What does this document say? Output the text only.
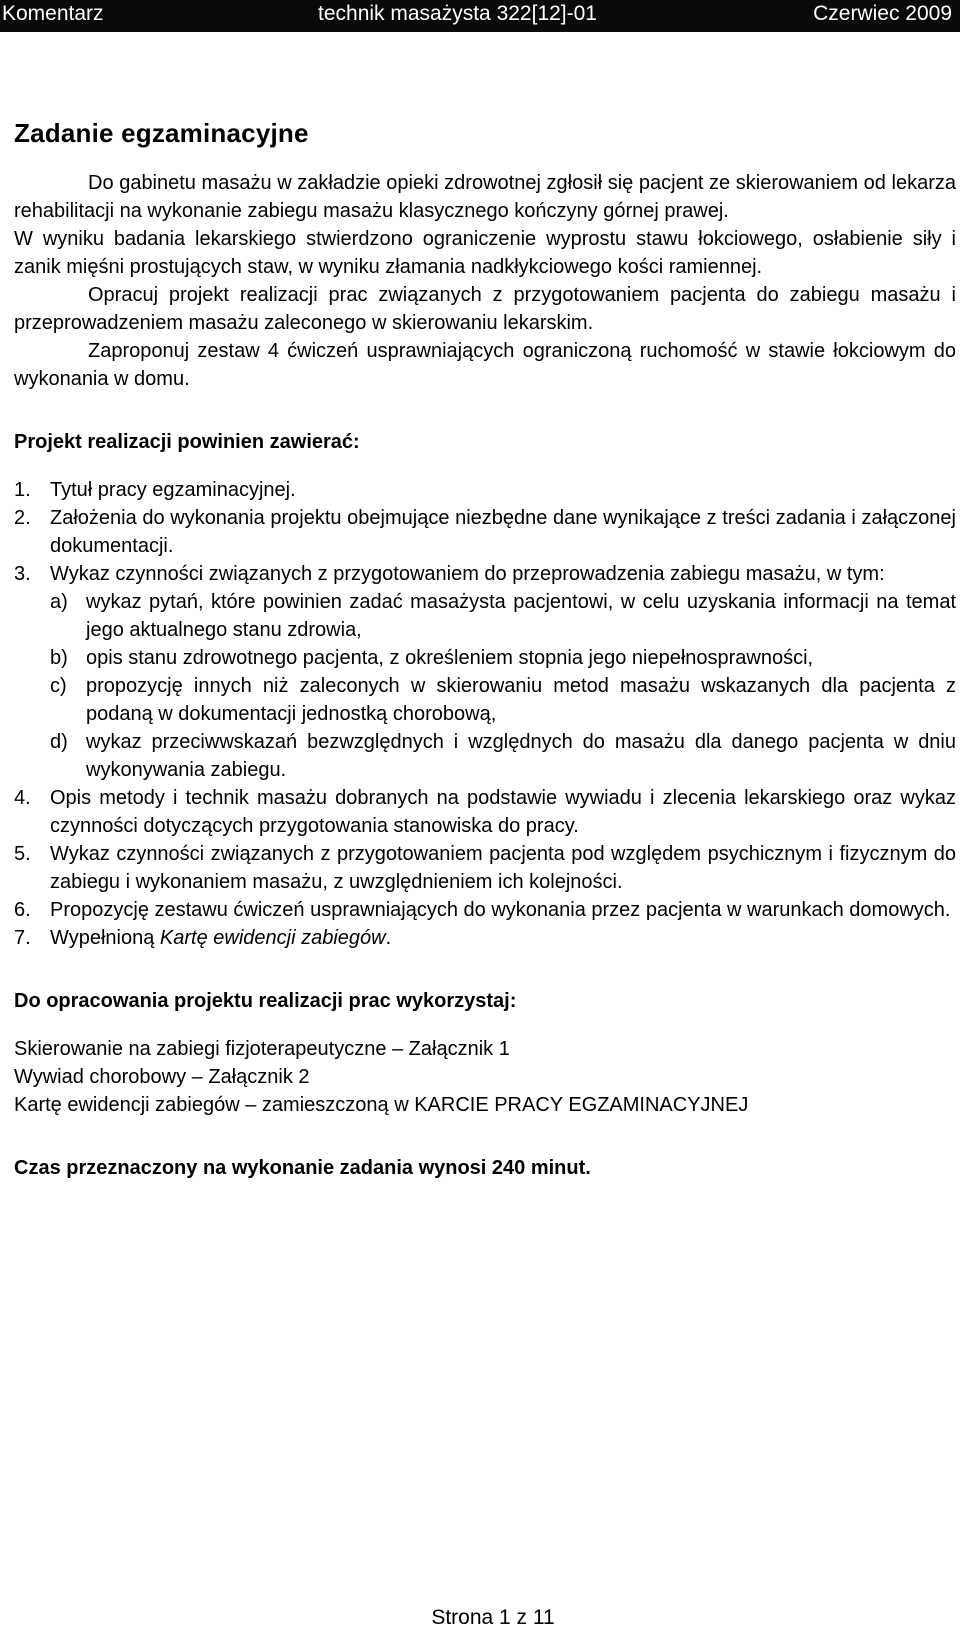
Komentarz	technik masażysta 322[12]-01	Czerwiec 2009
Zadanie egzaminacyjne

Do gabinetu masażu w zakładzie opieki zdrowotnej zgłosił się pacjent ze skierowaniem od lekarza rehabilitacji na wykonanie zabiegu masażu klasycznego kończyny górnej prawej.

W wyniku badania lekarskiego stwierdzono ograniczenie wyprostu stawu łokciowego, osłabienie siły i zanik mięśni prostujących staw, w wyniku złamania nadkłykciowego kości ramiennej.

Opracuj projekt realizacji prac związanych z przygotowaniem pacjenta do zabiegu masażu i przeprowadzeniem masażu zaleconego w skierowaniu lekarskim.

Zaproponuj zestaw 4 ćwiczeń usprawniających ograniczoną ruchomość w stawie łokciowym do wykonania w domu.

Projekt realizacji powinien zawierać:
1. Tytuł pracy egzaminacyjnej.
2. Założenia do wykonania projektu obejmujące niezbędne dane wynikające z treści zadania i załączonej dokumentacji.
3. Wykaz czynności związanych z przygotowaniem do przeprowadzenia zabiegu masażu, w tym:
a) wykaz pytań, które powinien zadać masażysta pacjentowi, w celu uzyskania informacji na temat jego aktualnego stanu zdrowia,
b) opis stanu zdrowotnego pacjenta, z określeniem stopnia jego niepełnosprawności,
c) propozycję innych niż zaleconych w skierowaniu metod masażu wskazanych dla pacjenta z podaną w dokumentacji jednostką chorobową,
d) wykaz przeciwwskazań bezwzględnych i względnych do masażu dla danego pacjenta w dniu wykonywania zabiegu.
4. Opis metody i technik masażu dobranych na podstawie wywiadu i zlecenia lekarskiego oraz wykaz czynności dotyczących przygotowania stanowiska do pracy.
5. Wykaz czynności związanych z przygotowaniem pacjenta pod względem psychicznym i fizycznym do zabiegu i wykonaniem masażu, z uwzględnieniem ich kolejności.
6. Propozycję zestawu ćwiczeń usprawniających do wykonania przez pacjenta w warunkach domowych.
7. Wypełnioną Kartę ewidencji zabiegów.
Do opracowania projektu realizacji prac wykorzystaj:
Skierowanie na zabiegi fizjoterapeutyczne – Załącznik 1
Wywiad chorobowy – Załącznik 2
Kartę ewidencji zabiegów – zamieszczoną w KARCIE PRACY EGZAMINACYJNEJ
Czas przeznaczony na wykonanie zadania wynosi 240 minut.
Strona 1 z 11
